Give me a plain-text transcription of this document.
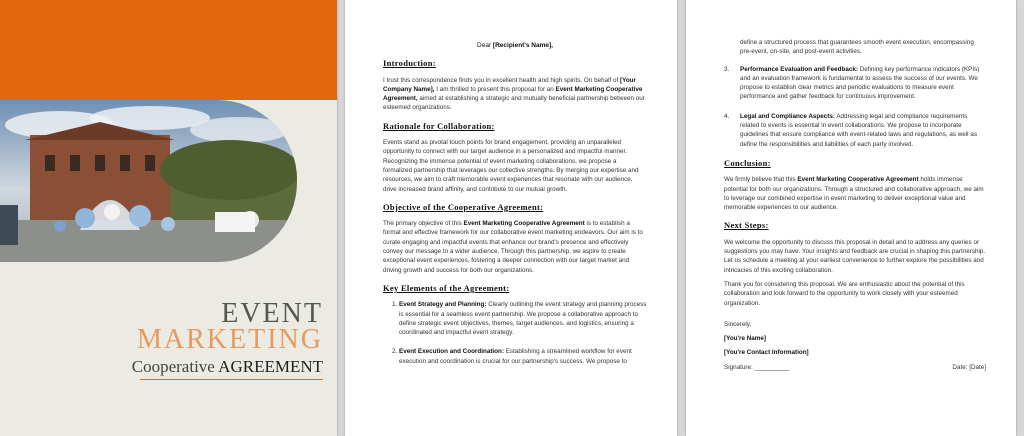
EVENT
MARKETING
Cooperative AGREEMENT
Dear [Recipient's Name],
Introduction:

I trust this correspondence finds you in excellent health and high spirits. On behalf of [Your Company Name], I am thrilled to present this proposal for an Event Marketing Cooperative Agreement, aimed at establishing a strategic and mutually beneficial partnership between our esteemed organizations.

Rationale for Collaboration:

Events stand as pivotal touch points for brand engagement, providing an unparalleled opportunity to connect with our target audience in a personalized and impactful manner. Recognizing the immense potential of event marketing collaborations, we propose a formalized partnership that leverages our collective strengths. By merging our expertise and resources, we aim to craft memorable event experiences that resonate with our audience, drive increased brand affinity, and contribute to our mutual growth.

Objective of the Cooperative Agreement:

The primary objective of this Event Marketing Cooperative Agreement is to establish a formal and effective framework for our collaborative event marketing endeavors. Our aim is to curate engaging and impactful events that enhance our brand's presence and effectively convey our message to a wider audience. Through this partnership, we aspire to create exceptional event experiences, fostering a deeper connection with our target market and driving growth and success for both our organizations.

Key Elements of the Agreement:
1. Event Strategy and Planning: Clearly outlining the event strategy and planning process is essential for a seamless event partnership. We propose a collaborative approach to define strategic event objectives, themes, target audiences, and logistics, ensuring a coordinated and impactful event strategy.
2. Event Execution and Coordination: Establishing a streamlined workflow for event execution and coordination is crucial for our partnership's success. We propose to

define a structured process that guarantees smooth event execution, encompassing pre-event, on-site, and post-event activities.

3.	Performance Evaluation and Feedback: Defining key performance indicators (KPIs) and an evaluation framework is fundamental to assess the success of our events. We propose to establish clear metrics and periodic evaluations to measure event performance and gather feedback for continuous improvement.
4.	Legal and Compliance Aspects: Addressing legal and compliance requirements related to events is essential in event collaborations. We propose to incorporate guidelines that ensure compliance with event-related laws and regulations, as well as define the responsibilities and liabilities of each party involved.
Conclusion:

We firmly believe that this Event Marketing Cooperative Agreement holds immense potential for both our organizations. Through a structured and collaborative approach, we aim to leverage our combined expertise in event marketing to deliver exceptional value and memorable experiences to our audience.

Next Steps:

We welcome the opportunity to discuss this proposal in detail and to address any queries or suggestions you may have. Your insights and feedback are crucial in shaping this partnership. Let us schedule a meeting at your earliest convenience to further explore the possibilities and intricacies of this exciting collaboration.

Thank you for considering this proposal. We are enthusiastic about the potential of this collaboration and look forward to the opportunity to work closely with your esteemed organization.

Sincerely,

[You're Name]

[You're Contact Information]

Signature: __________	Date: [Date]
